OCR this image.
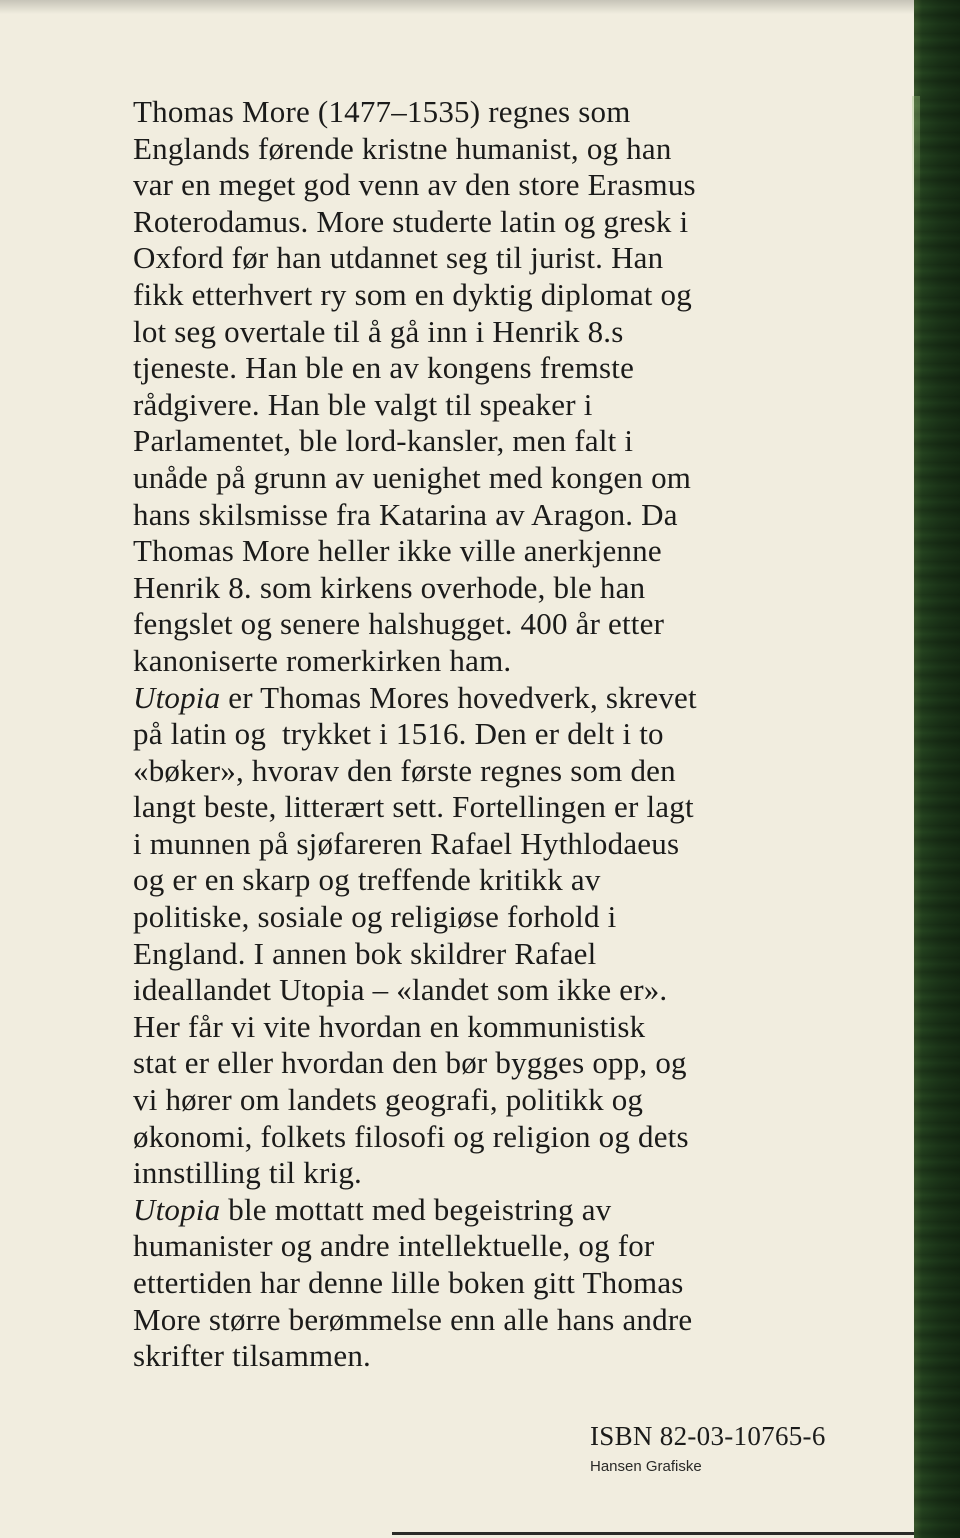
Thomas More (1477–1535) regnes som
Englands førende kristne humanist, og han
var en meget god venn av den store Erasmus
Roterodamus. More studerte latin og gresk i
Oxford før han utdannet seg til jurist. Han
fikk etterhvert ry som en dyktig diplomat og
lot seg overtale til å gå inn i Henrik 8.s
tjeneste. Han ble en av kongens fremste
rådgivere. Han ble valgt til speaker i
Parlamentet, ble lord-kansler, men falt i
unåde på grunn av uenighet med kongen om
hans skilsmisse fra Katarina av Aragon. Da
Thomas More heller ikke ville anerkjenne
Henrik 8. som kirkens overhode, ble han
fengslet og senere halshugget. 400 år etter
kanoniserte romerkirken ham.
Utopia er Thomas Mores hovedverk, skrevet
på latin og  trykket i 1516. Den er delt i to
«bøker», hvorav den første regnes som den
langt beste, litterært sett. Fortellingen er lagt
i munnen på sjøfareren Rafael Hythlodaeus
og er en skarp og treffende kritikk av
politiske, sosiale og religiøse forhold i
England. I annen bok skildrer Rafael
ideallandet Utopia – «landet som ikke er».
Her får vi vite hvordan en kommunistisk
stat er eller hvordan den bør bygges opp, og
vi hører om landets geografi, politikk og
økonomi, folkets filosofi og religion og dets
innstilling til krig.
Utopia ble mottatt med begeistring av
humanister og andre intellektuelle, og for
ettertiden har denne lille boken gitt Thomas
More større berømmelse enn alle hans andre
skrifter tilsammen.
ISBN 82-03-10765-6
Hansen Grafiske
